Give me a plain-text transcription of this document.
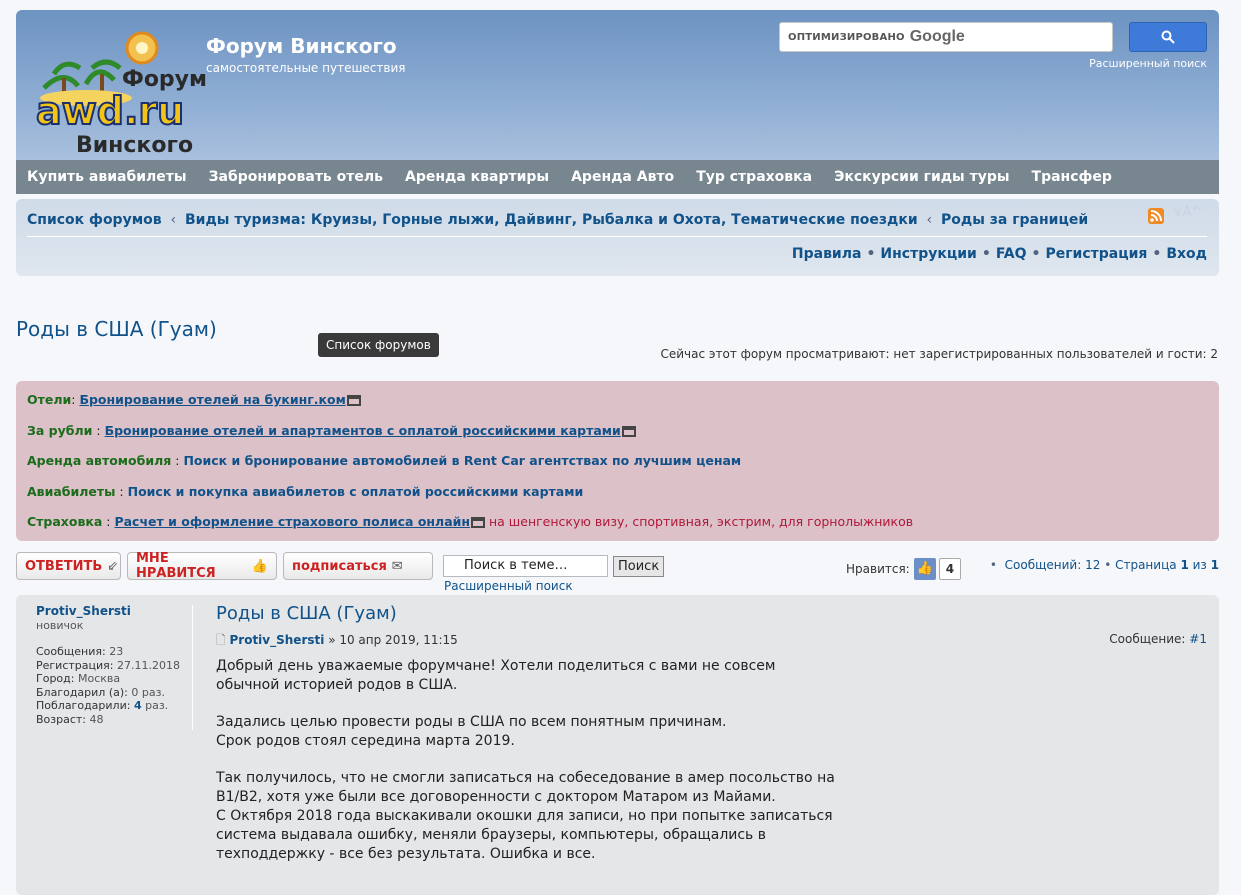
Форум
awd.ru
Винского
Форум Винского
самостоятельные путешествия
ОПТИМИЗИРОВАНО Google
Расширенный поиск
Купить авиабилеты Забронировать отель Аренда квартиры Аренда Авто Тур страховка Экскурсии гиды туры Трансфер
Список форумов ‹ Виды туризма: Круизы, Горные лыжи, Дайвинг, Рыбалка и Охота, Тематические поездки ‹ Роды за границей	∨A^
Правила • Инструкции • FAQ • Регистрация • Вход
Роды в США (Гуам)
Список форумов
Сейчас этот форум просматривают: нет зарегистрированных пользователей и гости: 2
Отели: Бронирование отелей на букинг.ком
За рубли : Бронирование отелей и апартаментов с оплатой российскими картами
Аренда автомобиля : Поиск и бронирование автомобилей в Rent Car агентствах по лучшим ценам
Авиабилеты : Поиск и покупка авиабилетов с оплатой российскими картами
Страховка : Расчет и оформление страхового полиса онлайн на шенгенскую визу, спортивная, экстрим, для горнолыжников
ОТВЕТИТЬ ⇙ МНЕ НРАВИТСЯ	👍 подписаться ✉	Поиск в теме…	Поиск
Расширенный поиск
Нравится: 👍	4	•  Сообщений: 12 • Страница 1 из 1
Protiv_Shersti
новичок
Сообщения: 23
Регистрация: 27.11.2018
Город: Москва
Благодарил (а): 0 раз.
Поблагодарили: 4 раз.
Возраст: 48
Роды в США (Гуам)
🗋 Protiv_Shersti » 10 апр 2019, 11:15	Сообщение: #1

Добрый день уважаемые форумчане! Хотели поделиться с вами не совсем обычной историей родов в США.

Задались целью провести роды в США по всем понятным причинам.
Срок родов стоял середина марта 2019.

Так получилось, что не смогли записаться на собеседование в амер посольство на B1/B2, хотя уже были все договоренности с доктором Матаром из Майами.
С Октября 2018 года выскакивали окошки для записи, но при попытке записаться система выдавала ошибку, меняли браузеры, компьютеры, обращались в техподдержку - все без результата. Ошибка и все.
